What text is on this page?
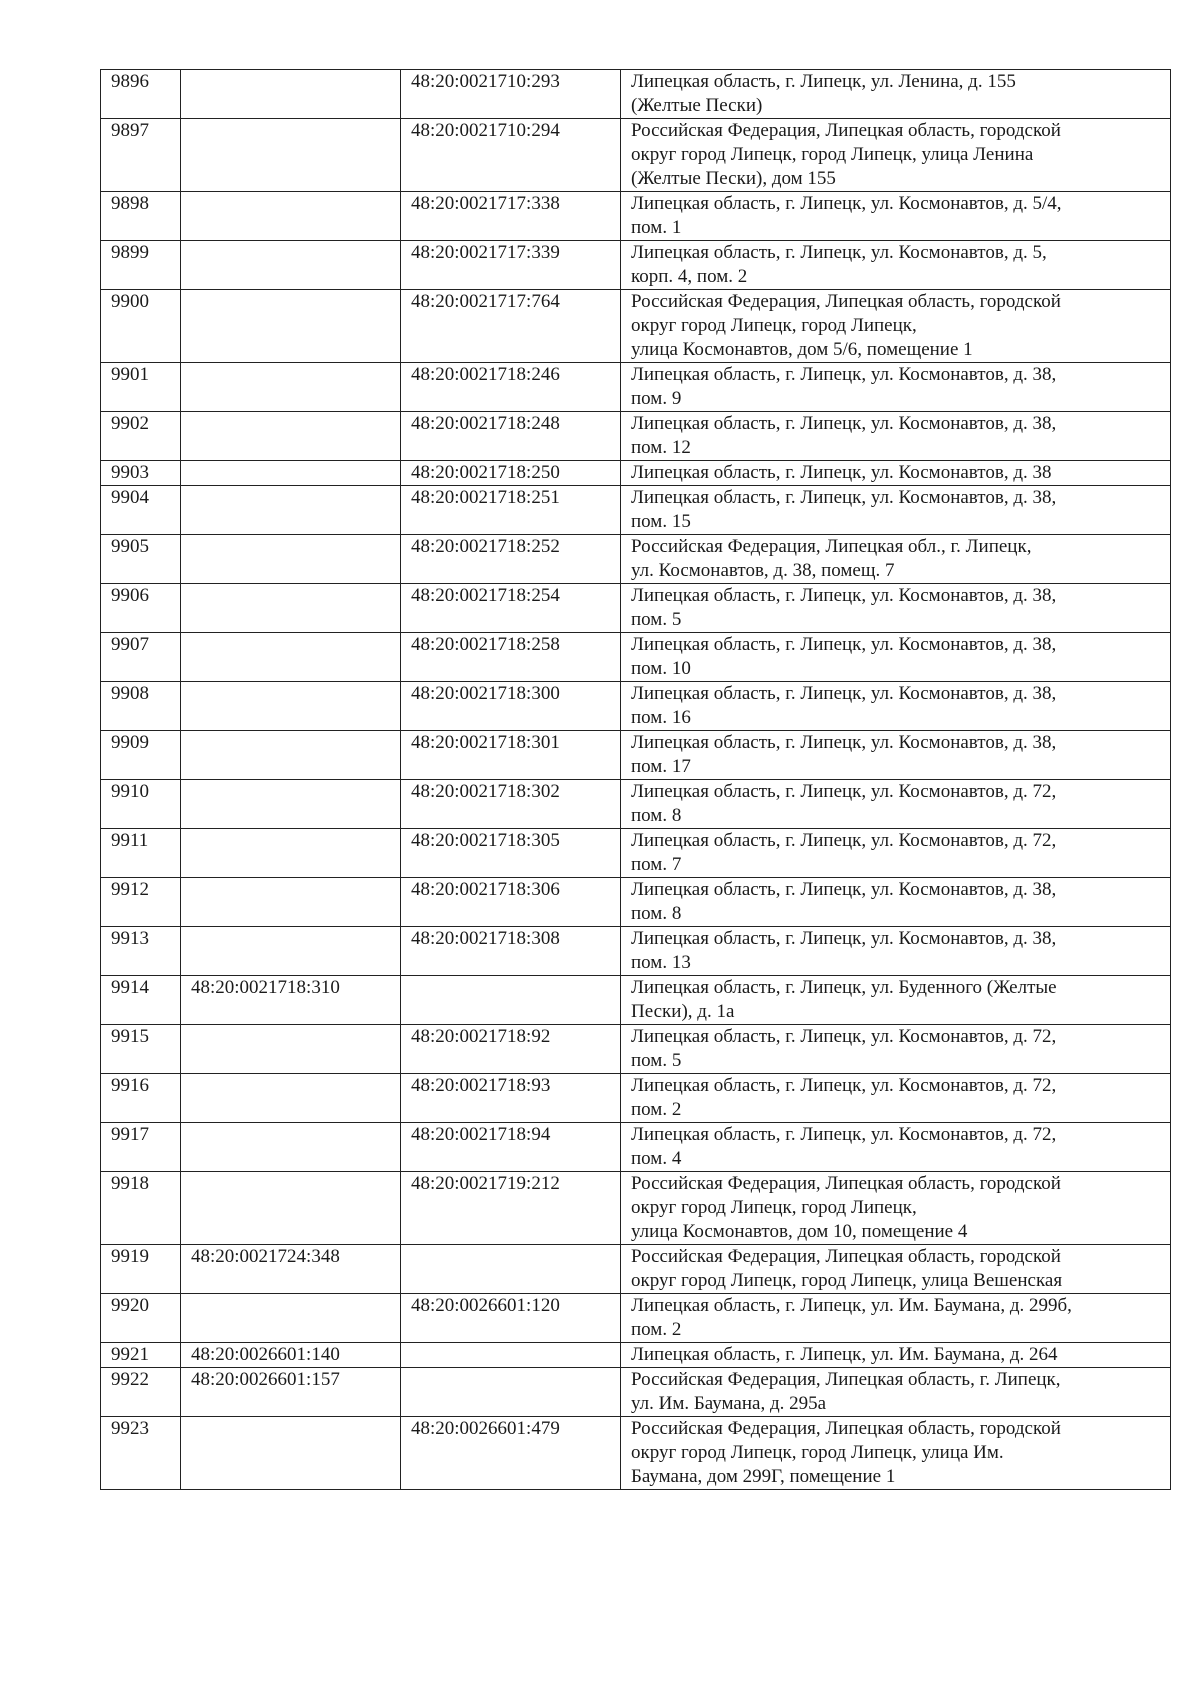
9896		48:20:0021710:293	Липецкая область, г. Липецк, ул. Ленина, д. 155
(Желтые Пески)
9897		48:20:0021710:294	Российская Федерация, Липецкая область, городской
округ город Липецк, город Липецк, улица Ленина
(Желтые Пески), дом 155
9898		48:20:0021717:338	Липецкая область, г. Липецк, ул. Космонавтов, д. 5/4,
пом. 1
9899		48:20:0021717:339	Липецкая область, г. Липецк, ул. Космонавтов, д. 5,
корп. 4, пом. 2
9900		48:20:0021717:764	Российская Федерация, Липецкая область, городской
округ город Липецк, город Липецк,
улица Космонавтов, дом 5/6, помещение 1
9901		48:20:0021718:246	Липецкая область, г. Липецк, ул. Космонавтов, д. 38,
пом. 9
9902		48:20:0021718:248	Липецкая область, г. Липецк, ул. Космонавтов, д. 38,
пом. 12
9903		48:20:0021718:250	Липецкая область, г. Липецк, ул. Космонавтов, д. 38
9904		48:20:0021718:251	Липецкая область, г. Липецк, ул. Космонавтов, д. 38,
пом. 15
9905		48:20:0021718:252	Российская Федерация, Липецкая обл., г. Липецк,
ул. Космонавтов, д. 38, помещ. 7
9906		48:20:0021718:254	Липецкая область, г. Липецк, ул. Космонавтов, д. 38,
пом. 5
9907		48:20:0021718:258	Липецкая область, г. Липецк, ул. Космонавтов, д. 38,
пом. 10
9908		48:20:0021718:300	Липецкая область, г. Липецк, ул. Космонавтов, д. 38,
пом. 16
9909		48:20:0021718:301	Липецкая область, г. Липецк, ул. Космонавтов, д. 38,
пом. 17
9910		48:20:0021718:302	Липецкая область, г. Липецк, ул. Космонавтов, д. 72,
пом. 8
9911		48:20:0021718:305	Липецкая область, г. Липецк, ул. Космонавтов, д. 72,
пом. 7
9912		48:20:0021718:306	Липецкая область, г. Липецк, ул. Космонавтов, д. 38,
пом. 8
9913		48:20:0021718:308	Липецкая область, г. Липецк, ул. Космонавтов, д. 38,
пом. 13
9914	48:20:0021718:310		Липецкая область, г. Липецк, ул. Буденного (Желтые
Пески), д. 1а
9915		48:20:0021718:92	Липецкая область, г. Липецк, ул. Космонавтов, д. 72,
пом. 5
9916		48:20:0021718:93	Липецкая область, г. Липецк, ул. Космонавтов, д. 72,
пом. 2
9917		48:20:0021718:94	Липецкая область, г. Липецк, ул. Космонавтов, д. 72,
пом. 4
9918		48:20:0021719:212	Российская Федерация, Липецкая область, городской
округ город Липецк, город Липецк,
улица Космонавтов, дом 10, помещение 4
9919	48:20:0021724:348		Российская Федерация, Липецкая область, городской
округ город Липецк, город Липецк, улица Вешенская
9920		48:20:0026601:120	Липецкая область, г. Липецк, ул. Им. Баумана, д. 299б,
пом. 2
9921	48:20:0026601:140		Липецкая область, г. Липецк, ул. Им. Баумана, д. 264
9922	48:20:0026601:157		Российская Федерация, Липецкая область, г. Липецк,
ул. Им. Баумана, д. 295а
9923		48:20:0026601:479	Российская Федерация, Липецкая область, городской
округ город Липецк, город Липецк, улица Им.
Баумана, дом 299Г, помещение 1
